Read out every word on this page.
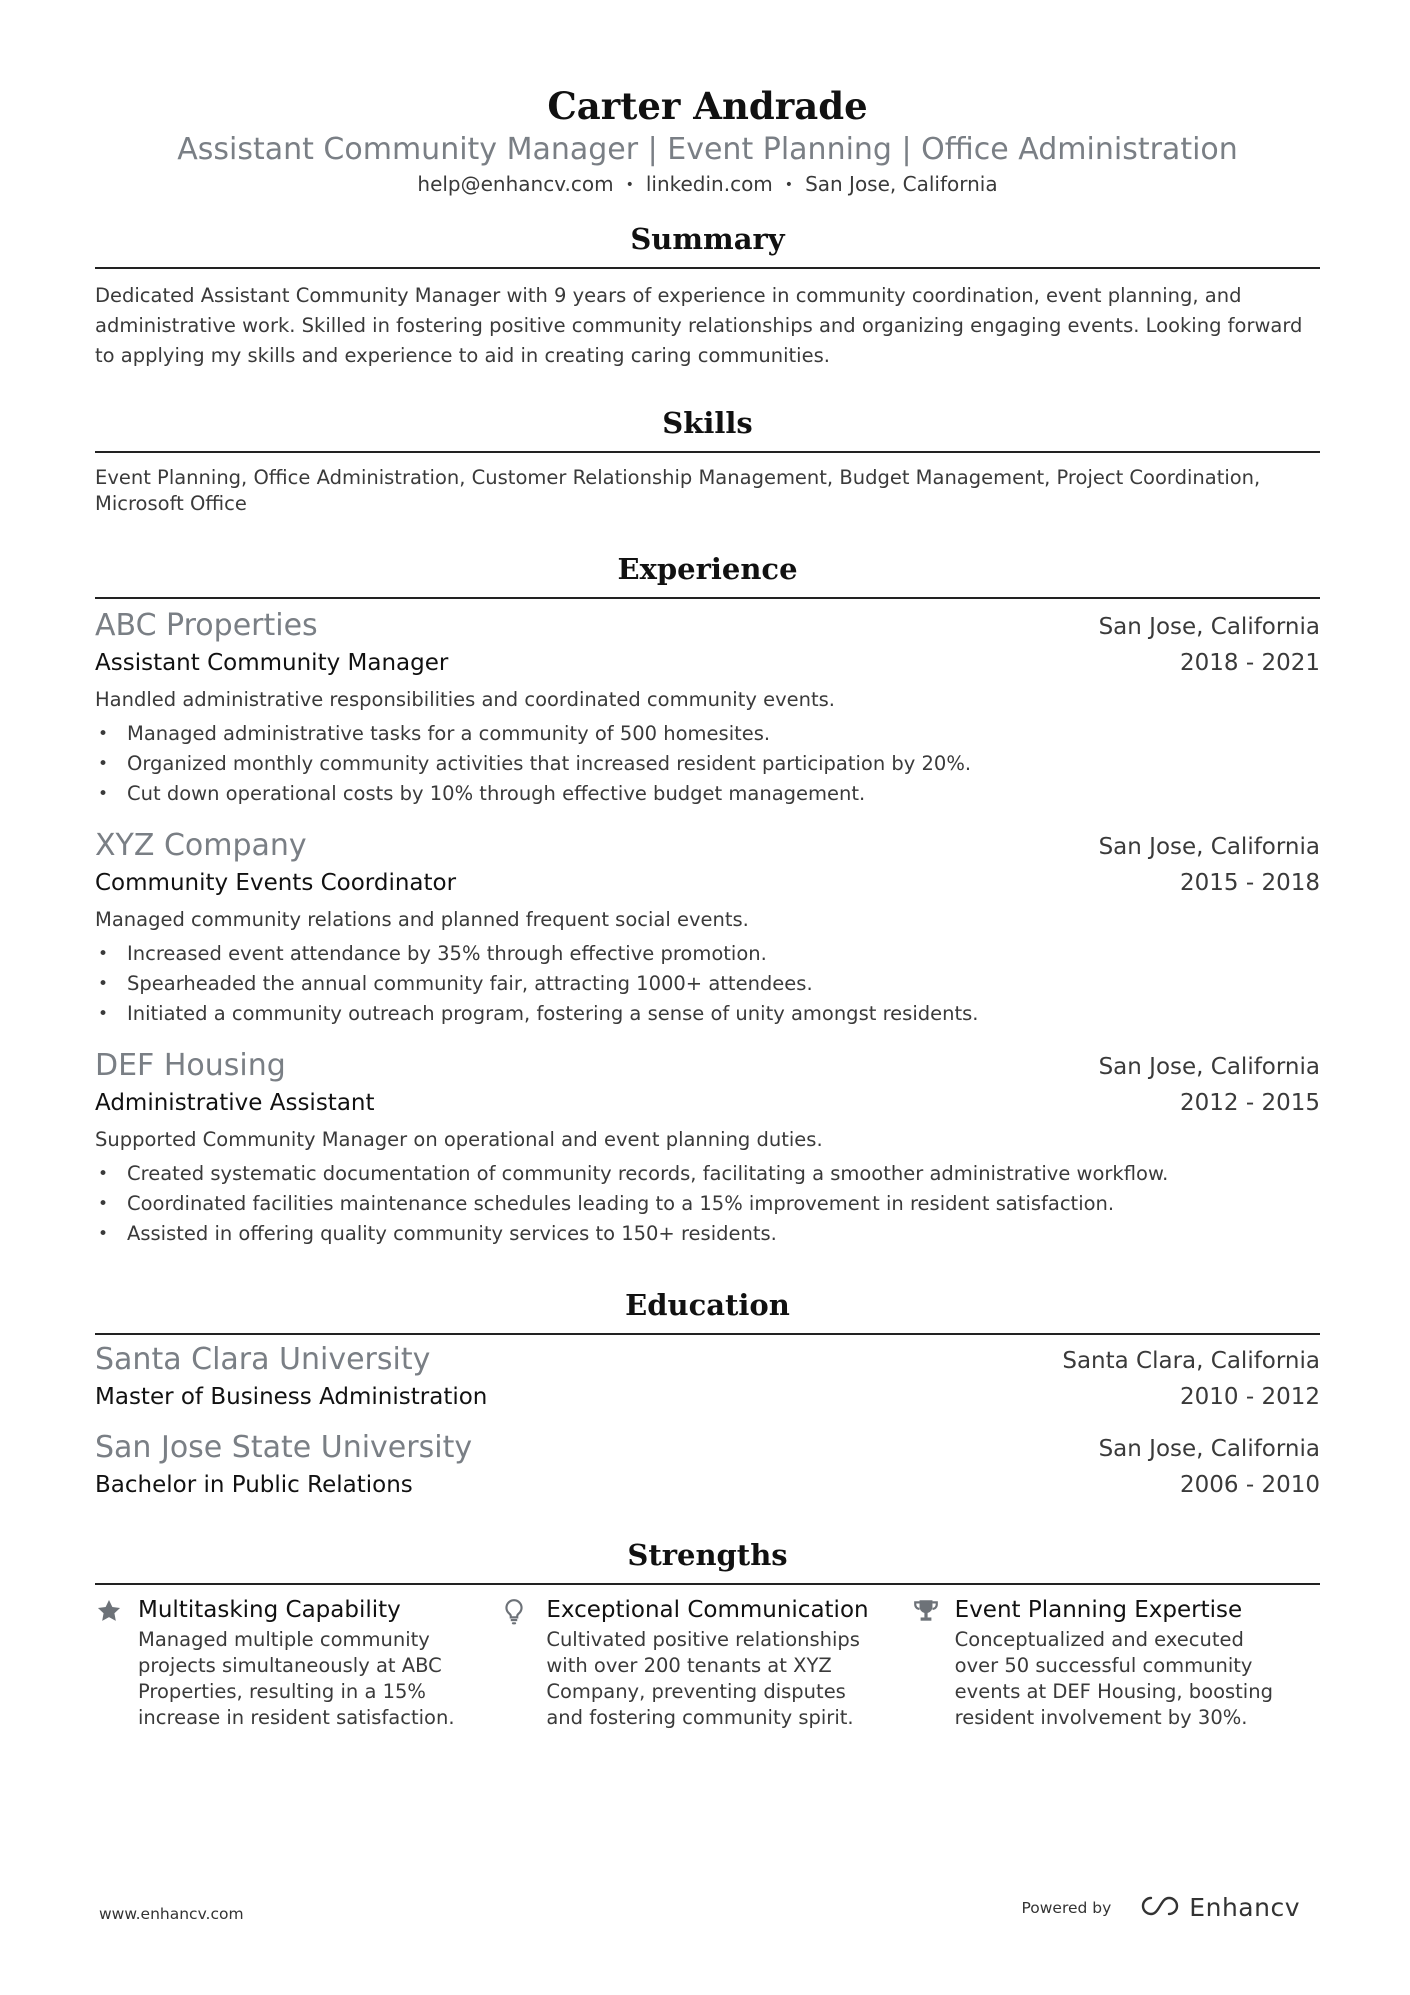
Carter Andrade
Assistant Community Manager | Event Planning | Office Administration
help@enhancv.com • linkedin.com • San Jose, California
Summary
Dedicated Assistant Community Manager with 9 years of experience in community coordination, event planning, and administrative work. Skilled in fostering positive community relationships and organizing engaging events. Looking forward to applying my skills and experience to aid in creating caring communities.
Skills
Event Planning, Office Administration, Customer Relationship Management, Budget Management, Project Coordination, Microsoft Office
Experience
ABC Properties	San Jose, California
Assistant Community Manager	2018 - 2021
Handled administrative responsibilities and coordinated community events.
• Managed administrative tasks for a community of 500 homesites.
• Organized monthly community activities that increased resident participation by 20%.
• Cut down operational costs by 10% through effective budget management.
XYZ Company	San Jose, California
Community Events Coordinator	2015 - 2018
Managed community relations and planned frequent social events.
• Increased event attendance by 35% through effective promotion.
• Spearheaded the annual community fair, attracting 1000+ attendees.
• Initiated a community outreach program, fostering a sense of unity amongst residents.
DEF Housing	San Jose, California
Administrative Assistant	2012 - 2015
Supported Community Manager on operational and event planning duties.
• Created systematic documentation of community records, facilitating a smoother administrative workflow.
• Coordinated facilities maintenance schedules leading to a 15% improvement in resident satisfaction.
• Assisted in offering quality community services to 150+ residents.
Education
Santa Clara University	Santa Clara, California
Master of Business Administration	2010 - 2012
San Jose State University	San Jose, California
Bachelor in Public Relations	2006 - 2010
Strengths
Multitasking Capability
Managed multiple community projects simultaneously at ABC Properties, resulting in a 15% increase in resident satisfaction.
Exceptional Communication
Cultivated positive relationships with over 200 tenants at XYZ Company, preventing disputes and fostering community spirit.
Event Planning Expertise
Conceptualized and executed over 50 successful community events at DEF Housing, boosting resident involvement by 30%.
www.enhancv.com	Powered by	Enhancv
